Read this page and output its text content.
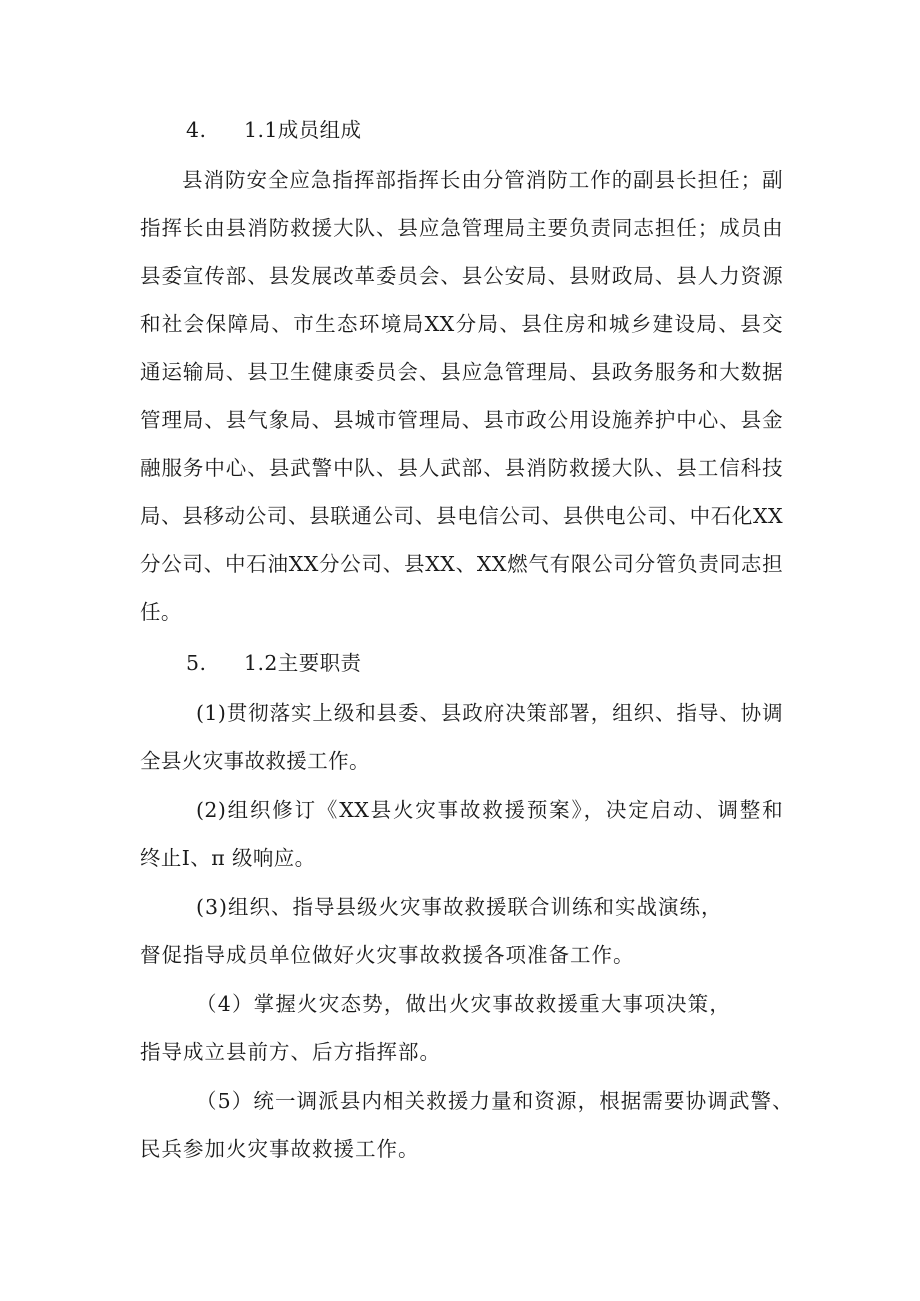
4. 1.1成员组成
县消防安全应急指挥部指挥长由分管消防工作的副县长担任；副
指挥长由县消防救援大队、县应急管理局主要负责同志担任；成员由
县委宣传部、县发展改革委员会、县公安局、县财政局、县人力资源
和社会保障局、市生态环境局XX分局、县住房和城乡建设局、县交
通运输局、县卫生健康委员会、县应急管理局、县政务服务和大数据
管理局、县气象局、县城市管理局、县市政公用设施养护中心、县金
融服务中心、县武警中队、县人武部、县消防救援大队、县工信科技
局、县移动公司、县联通公司、县电信公司、县供电公司、中石化XX
分公司、中石油XX分公司、县XX、XX燃气有限公司分管负责同志担
任。
5. 1.2主要职责
(1)贯彻落实上级和县委、县政府决策部署，组织、指导、协调
全县火灾事故救援工作。
(2)组织修订《XX县火灾事故救援预案》，决定启动、调整和
终止I、π 级响应。
(3)组织、指导县级火灾事故救援联合训练和实战演练，
督促指导成员单位做好火灾事故救援各项准备工作。
（4）掌握火灾态势，做出火灾事故救援重大事项决策，
指导成立县前方、后方指挥部。
（5）统一调派县内相关救援力量和资源，根据需要协调武警、
民兵参加火灾事故救援工作。
